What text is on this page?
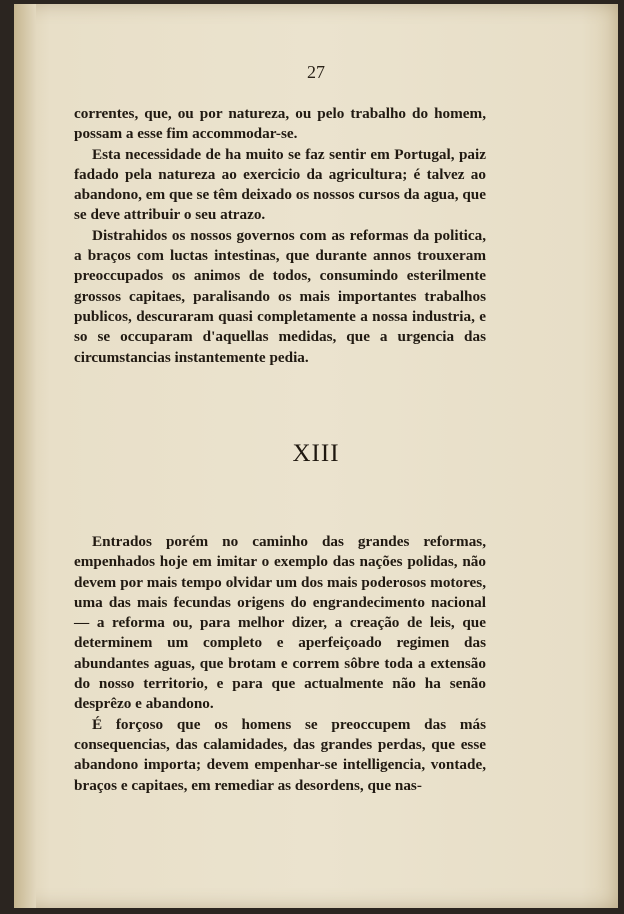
27

correntes, que, ou por natureza, ou pelo trabalho do homem, possam a esse fim accommodar-se.

Esta necessidade de ha muito se faz sentir em Portugal, paiz fadado pela natureza ao exercicio da agricultura; é talvez ao abandono, em que se têm deixado os nossos cursos da agua, que se deve attribuir o seu atrazo.

Distrahidos os nossos governos com as reformas da politica, a braços com luctas intestinas, que durante annos trouxeram preoccupados os animos de todos, consumindo esterilmente grossos capitaes, paralisando os mais importantes trabalhos publicos, descuraram quasi completamente a nossa industria, e so se occuparam d'aquellas medidas, que a urgencia das circumstancias instantemente pedia.

XIII

Entrados porém no caminho das grandes reformas, empenhados hoje em imitar o exemplo das nações polidas, não devem por mais tempo olvidar um dos mais poderosos motores, uma das mais fecundas origens do engrandecimento nacional — a reforma ou, para melhor dizer, a creação de leis, que determinem um completo e aperfeiçoado regimen das abundantes aguas, que brotam e correm sôbre toda a extensão do nosso territorio, e para que actualmente não ha senão desprêzo e abandono.

É forçoso que os homens se preoccupem das más consequencias, das calamidades, das grandes perdas, que esse abandono importa; devem empenhar-se intelligencia, vontade, braços e capitaes, em remediar as desordens, que nas-
